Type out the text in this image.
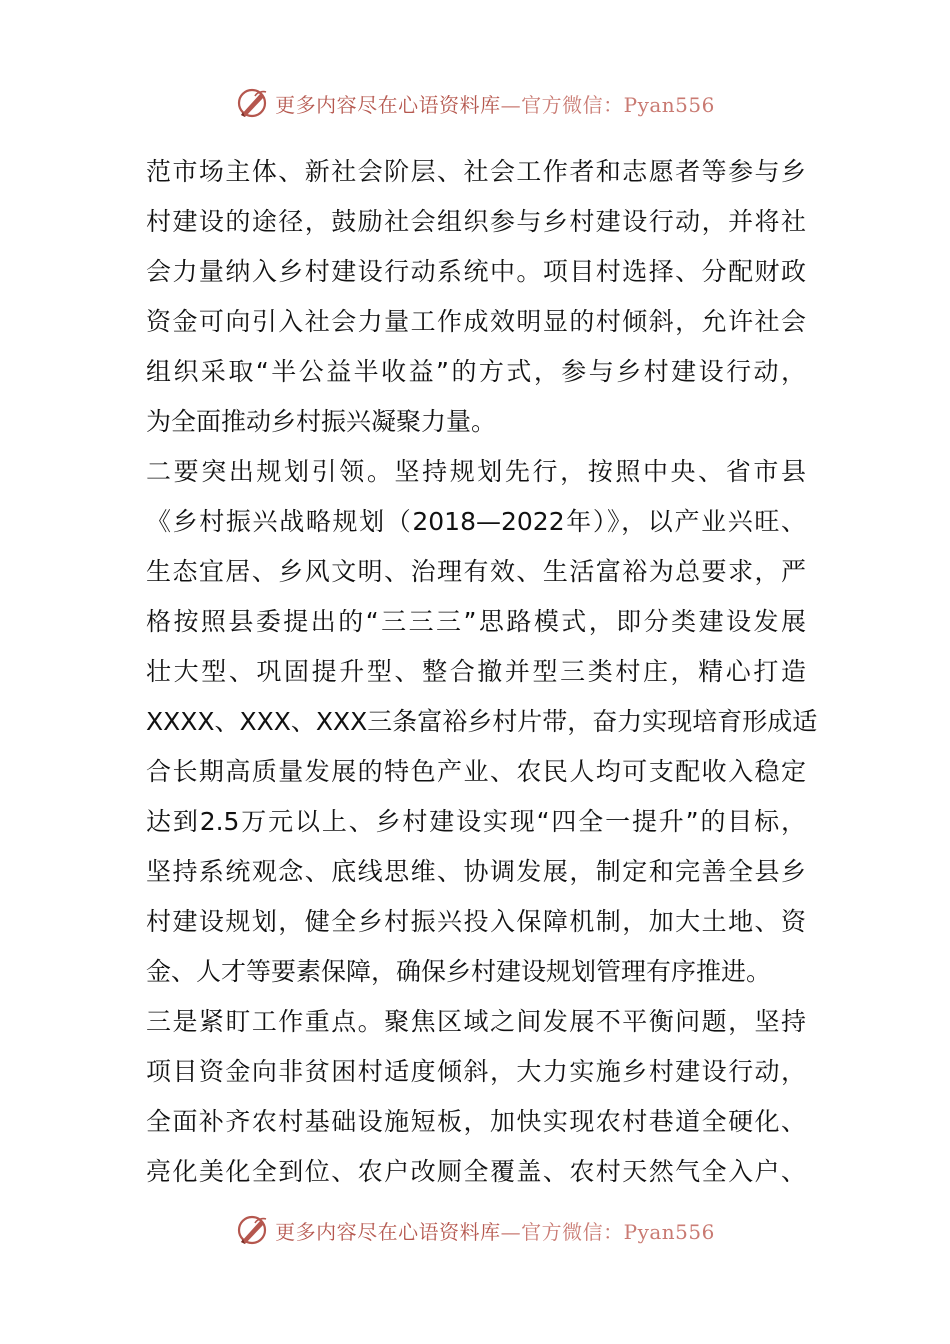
更多内容尽在心语资料库—官方微信：Pyan556
范市场主体、新社会阶层、社会工作者和志愿者等参与乡
村建设的途径，鼓励社会组织参与乡村建设行动，并将社
会力量纳入乡村建设行动系统中。项目村选择、分配财政
资金可向引入社会力量工作成效明显的村倾斜，允许社会
组织采取“半公益半收益”的方式，参与乡村建设行动，
为全面推动乡村振兴凝聚力量。
二要突出规划引领。坚持规划先行，按照中央、省市县
《乡村振兴战略规划（2018—2022年）》，以产业兴旺、
生态宜居、乡风文明、治理有效、生活富裕为总要求，严
格按照县委提出的“三三三”思路模式，即分类建设发展
壮大型、巩固提升型、整合撤并型三类村庄，精心打造
XXXX、XXX、XXX三条富裕乡村片带，奋力实现培育形成适
合长期高质量发展的特色产业、农民人均可支配收入稳定
达到2.5万元以上、乡村建设实现“四全一提升”的目标，
坚持系统观念、底线思维、协调发展，制定和完善全县乡
村建设规划，健全乡村振兴投入保障机制，加大土地、资
金、人才等要素保障，确保乡村建设规划管理有序推进。
三是紧盯工作重点。聚焦区域之间发展不平衡问题，坚持
项目资金向非贫困村适度倾斜，大力实施乡村建设行动，
全面补齐农村基础设施短板，加快实现农村巷道全硬化、
亮化美化全到位、农户改厕全覆盖、农村天然气全入户、
更多内容尽在心语资料库—官方微信：Pyan556
